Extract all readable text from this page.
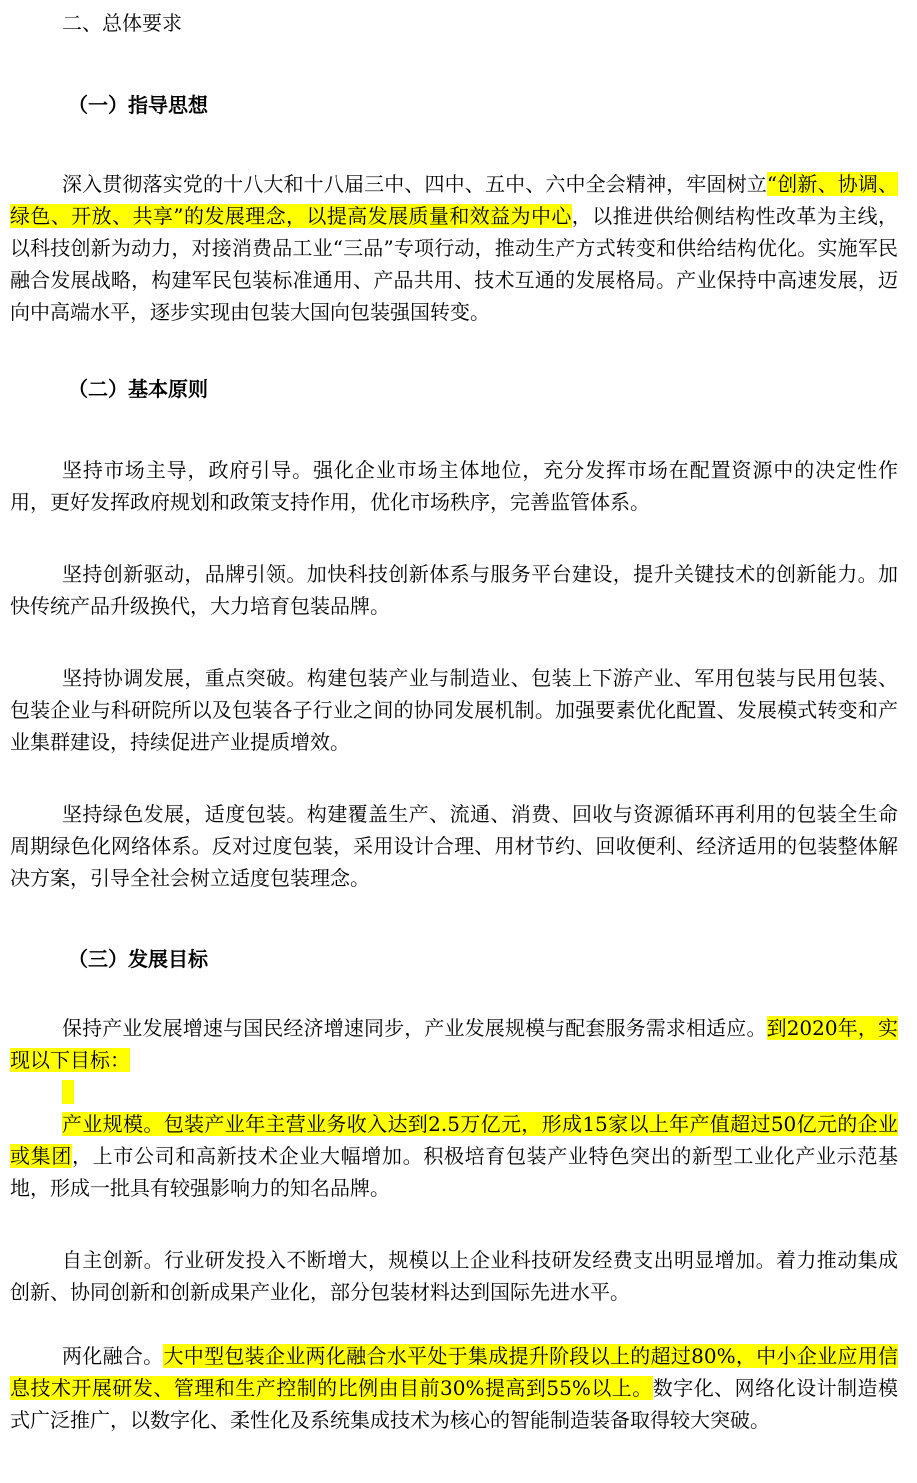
二、总体要求

（一）指导思想

深入贯彻落实党的十八大和十八届三中、四中、五中、六中全会精神，牢固树立“创新、协调、绿色、开放、共享”的发展理念，以提高发展质量和效益为中心，以推进供给侧结构性改革为主线，以科技创新为动力，对接消费品工业“三品”专项行动，推动生产方式转变和供给结构优化。实施军民融合发展战略，构建军民包装标准通用、产品共用、技术互通的发展格局。产业保持中高速发展，迈向中高端水平，逐步实现由包装大国向包装强国转变。

（二）基本原则

坚持市场主导，政府引导。强化企业市场主体地位，充分发挥市场在配置资源中的决定性作用，更好发挥政府规划和政策支持作用，优化市场秩序，完善监管体系。

坚持创新驱动，品牌引领。加快科技创新体系与服务平台建设，提升关键技术的创新能力。加快传统产品升级换代，大力培育包装品牌。

坚持协调发展，重点突破。构建包装产业与制造业、包装上下游产业、军用包装与民用包装、包装企业与科研院所以及包装各子行业之间的协同发展机制。加强要素优化配置、发展模式转变和产业集群建设，持续促进产业提质增效。

坚持绿色发展，适度包装。构建覆盖生产、流通、消费、回收与资源循环再利用的包装全生命周期绿色化网络体系。反对过度包装，采用设计合理、用材节约、回收便利、经济适用的包装整体解决方案，引导全社会树立适度包装理念。

（三）发展目标

保持产业发展增速与国民经济增速同步，产业发展规模与配套服务需求相适应。到2020年，实现以下目标：

产业规模。包装产业年主营业务收入达到2.5万亿元，形成15家以上年产值超过50亿元的企业或集团，上市公司和高新技术企业大幅增加。积极培育包装产业特色突出的新型工业化产业示范基地，形成一批具有较强影响力的知名品牌。

自主创新。行业研发投入不断增大，规模以上企业科技研发经费支出明显增加。着力推动集成创新、协同创新和创新成果产业化，部分包装材料达到国际先进水平。

两化融合。大中型包装企业两化融合水平处于集成提升阶段以上的超过80%，中小企业应用信息技术开展研发、管理和生产控制的比例由目前30%提高到55%以上。数字化、网络化设计制造模式广泛推广，以数字化、柔性化及系统集成技术为核心的智能制造装备取得较大突破。
